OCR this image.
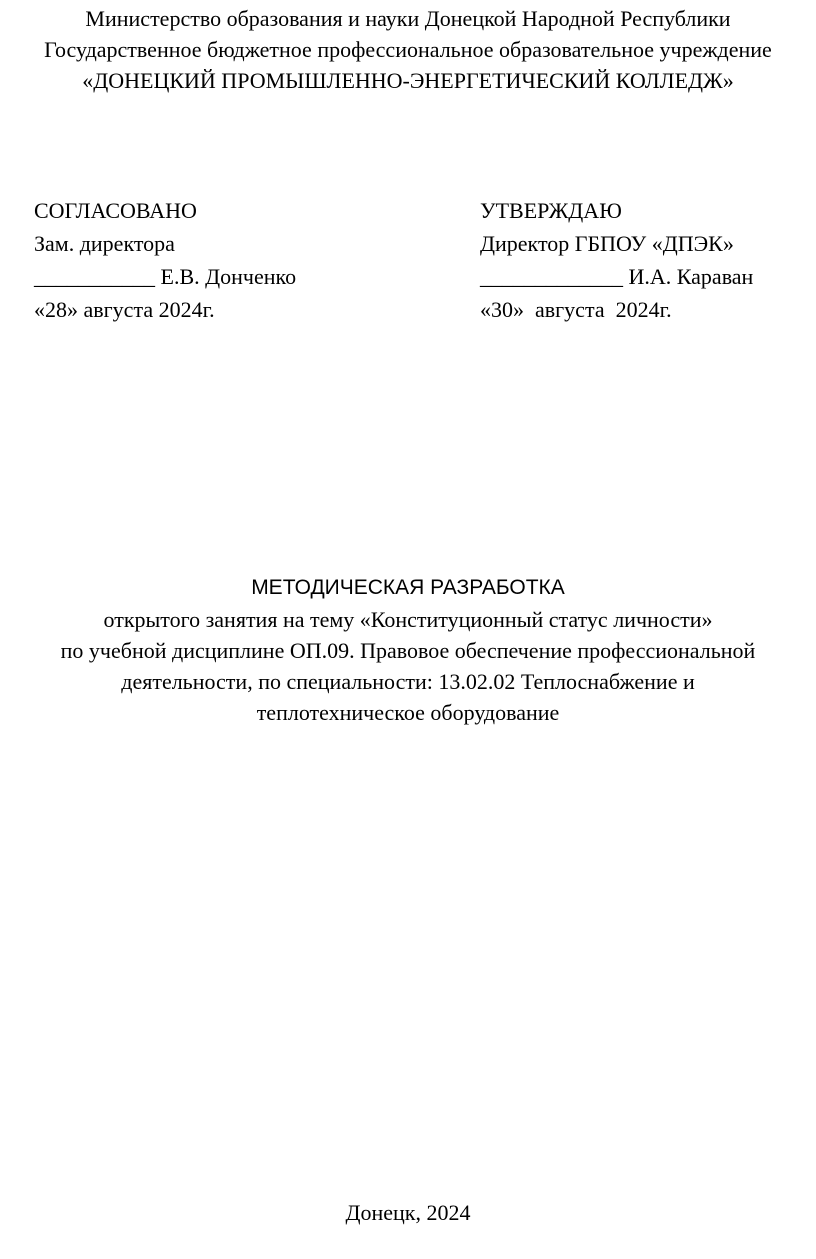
Министерство образования и науки Донецкой Народной Республики
Государственное бюджетное профессиональное образовательное учреждение
«ДОНЕЦКИЙ ПРОМЫШЛЕННО-ЭНЕРГЕТИЧЕСКИЙ КОЛЛЕДЖ»
СОГЛАСОВАНО
Зам. директора
___________ Е.В. Донченко
«28» августа 2024г.
УТВЕРЖДАЮ
Директор ГБПОУ «ДПЭК»
_____________ И.А. Караван
«30»  августа  2024г.
МЕТОДИЧЕСКАЯ РАЗРАБОТКА
открытого занятия на тему «Конституционный статус личности»
по учебной дисциплине ОП.09. Правовое обеспечение профессиональной
деятельности, по специальности: 13.02.02 Теплоснабжение и
теплотехническое оборудование
Донецк, 2024
